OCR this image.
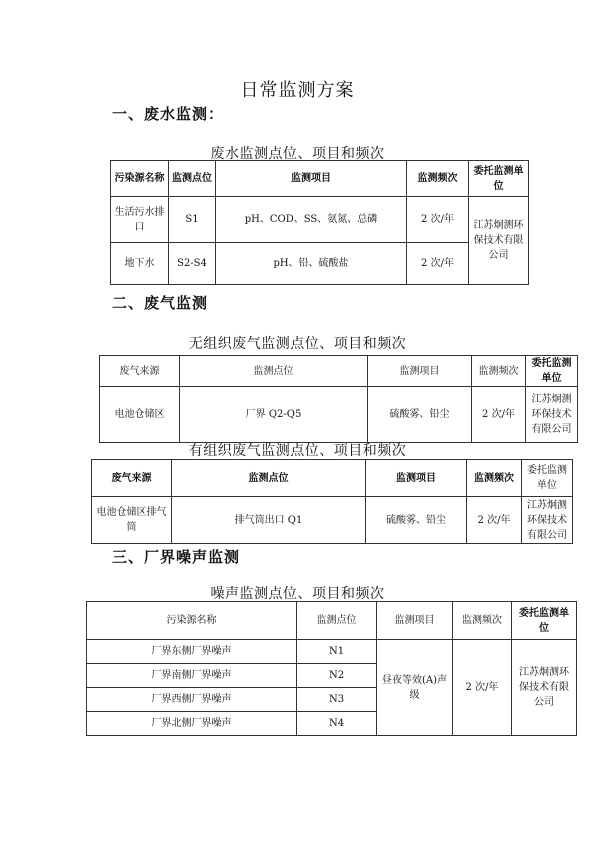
日常监测方案
一、废水监测：
废水监测点位、项目和频次
污染源名称	监测点位	监测项目	监测频次	委托监测单位
生活污水排口	S1	pH、COD、SS、氨氮、总磷	2 次/年	江苏炯测环保技术有限公司
地下水	S2-S4	pH、铅、硫酸盐	2 次/年	
二、废气监测
无组织废气监测点位、项目和频次
废气来源	监测点位	监测项目	监测频次	委托监测单位
电池仓储区	厂界 Q2-Q5	硫酸雾、铅尘	2 次/年	江苏炯测环保技术有限公司
有组织废气监测点位、项目和频次
废气来源	监测点位	监测项目	监测频次	委托监测单位
电池仓储区排气筒	排气筒出口 Q1	硫酸雾、铅尘	2 次/年	江苏炯测环保技术有限公司
三、厂界噪声监测
噪声监测点位、项目和频次
污染源名称	监测点位	监测项目	监测频次	委托监测单位
厂界东侧厂界噪声	N1	昼夜等效(A)声级	2 次/年	江苏炯测环保技术有限公司
厂界南侧厂界噪声	N2			
厂界西侧厂界噪声	N3			
厂界北侧厂界噪声	N4			
